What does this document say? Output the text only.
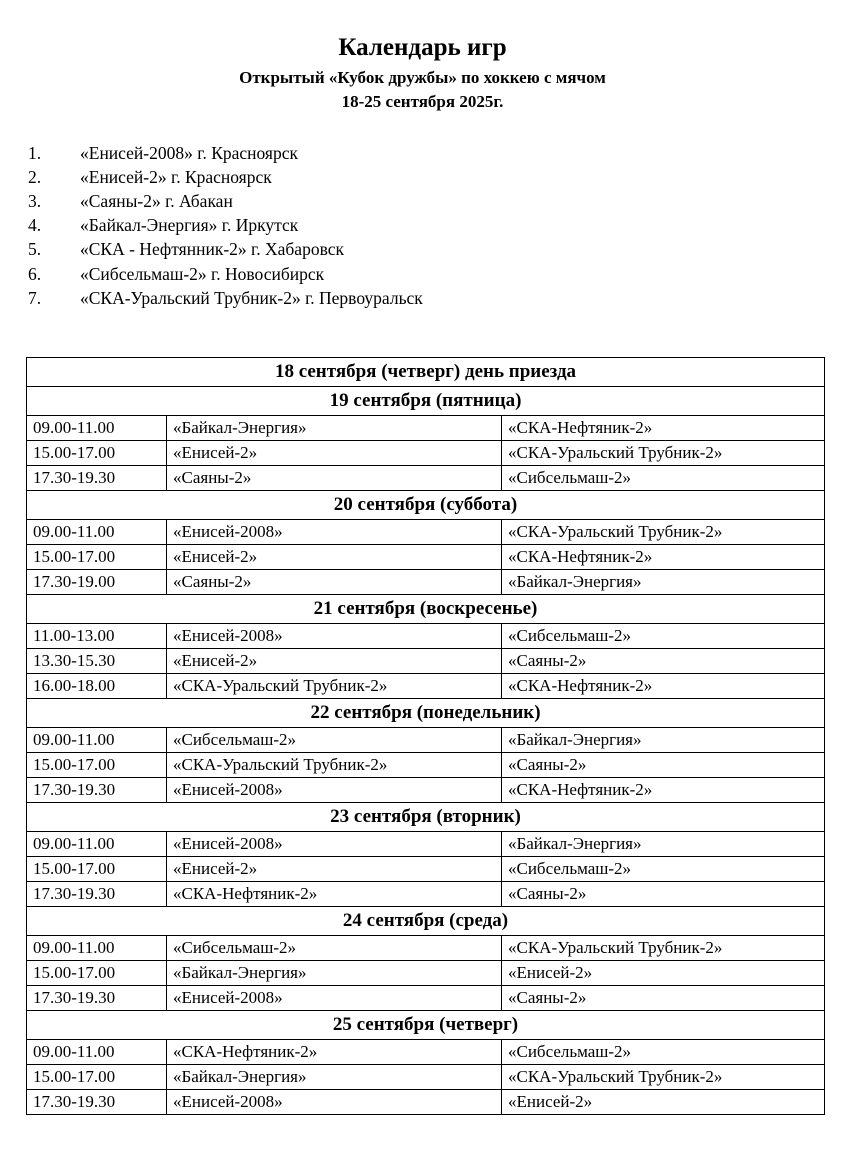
Календарь игр
Открытый «Кубок дружбы» по хоккею с мячом
18-25 сентября 2025г.
1.	«Енисей-2008» г. Красноярск
2.	«Енисей-2» г. Красноярск
3.	«Саяны-2» г. Абакан
4.	«Байкал-Энергия» г. Иркутск
5.	«СКА - Нефтянник-2» г. Хабаровск
6.	«Сибсельмаш-2» г. Новосибирск
7.	«СКА-Уральский Трубник-2» г. Первоуральск
18 сентября (четверг) день приезда		
19 сентября (пятница)		
09.00-11.00	«Байкал-Энергия»	«СКА-Нефтяник-2»
15.00-17.00	«Енисей-2»	«СКА-Уральский Трубник-2»
17.30-19.30	«Саяны-2»	«Сибсельмаш-2»
20 сентября (суббота)		
09.00-11.00	«Енисей-2008»	«СКА-Уральский Трубник-2»
15.00-17.00	«Енисей-2»	«СКА-Нефтяник-2»
17.30-19.00	«Саяны-2»	«Байкал-Энергия»
21 сентября (воскресенье)		
11.00-13.00	«Енисей-2008»	«Сибсельмаш-2»
13.30-15.30	«Енисей-2»	«Саяны-2»
16.00-18.00	«СКА-Уральский Трубник-2»	«СКА-Нефтяник-2»
22 сентября (понедельник)		
09.00-11.00	«Сибсельмаш-2»	«Байкал-Энергия»
15.00-17.00	«СКА-Уральский Трубник-2»	«Саяны-2»
17.30-19.30	«Енисей-2008»	«СКА-Нефтяник-2»
23 сентября (вторник)		
09.00-11.00	«Енисей-2008»	«Байкал-Энергия»
15.00-17.00	«Енисей-2»	«Сибсельмаш-2»
17.30-19.30	«СКА-Нефтяник-2»	«Саяны-2»
24 сентября (среда)		
09.00-11.00	«Сибсельмаш-2»	«СКА-Уральский Трубник-2»
15.00-17.00	«Байкал-Энергия»	«Енисей-2»
17.30-19.30	«Енисей-2008»	«Саяны-2»
25 сентября (четверг)		
09.00-11.00	«СКА-Нефтяник-2»	«Сибсельмаш-2»
15.00-17.00	«Байкал-Энергия»	«СКА-Уральский Трубник-2»
17.30-19.30	«Енисей-2008»	«Енисей-2»
